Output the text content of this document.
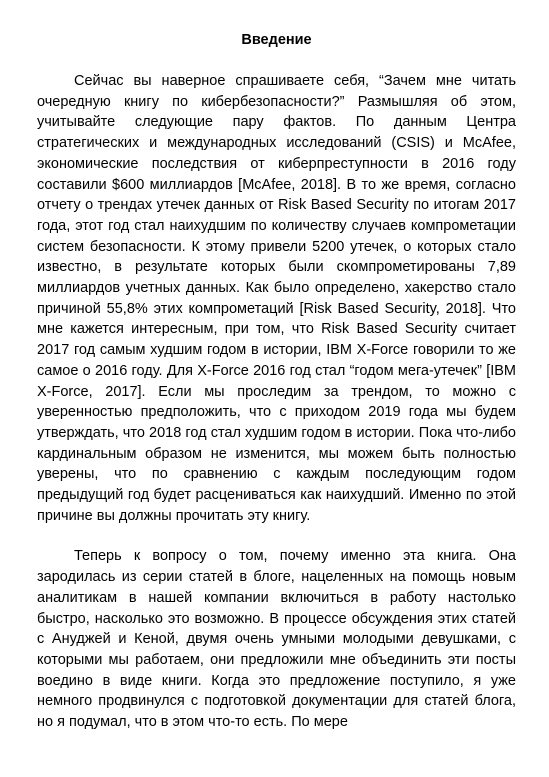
Введение

Сейчас вы наверное спрашиваете себя, “Зачем мне читать очередную книгу по кибербезопасности?” Размышляя об этом, учитывайте следующие пару фактов. По данным Центра стратегических и международных исследований (CSIS) и McAfee, экономические последствия от киберпреступности в 2016 году составили $600 миллиардов [McAfee, 2018]. В то же время, согласно отчету о трендах утечек данных от Risk Based Security по итогам 2017 года, этот год стал наихудшим по количеству случаев компрометации систем безопасности. К этому привели 5200 утечек, о которых стало известно, в результате которых были скомпрометированы 7,89 миллиардов учетных данных. Как было определено, хакерство стало причиной 55,8% этих компрометаций [Risk Based Security, 2018]. Что мне кажется интересным, при том, что Risk Based Security считает 2017 год самым худшим годом в истории, IBM X-Force говорили то же самое о 2016 году. Для X-Force 2016 год стал “годом мега-утечек” [IBM X-Force, 2017]. Если мы проследим за трендом, то можно с уверенностью предположить, что с приходом 2019 года мы будем утверждать, что 2018 год стал худшим годом в истории. Пока что-либо кардинальным образом не изменится, мы можем быть полностью уверены, что по сравнению с каждым последующим годом предыдущий год будет расцениваться как наихудший. Именно по этой причине вы должны прочитать эту книгу.

Теперь к вопросу о том, почему именно эта книга. Она зародилась из серии статей в блоге, нацеленных на помощь новым аналитикам в нашей компании включиться в работу настолько быстро, насколько это возможно. В процессе обсуждения этих статей с Ануджей и Кеной, двумя очень умными молодыми девушками, с которыми мы работаем, они предложили мне объединить эти посты воедино в виде книги. Когда это предложение поступило, я уже немного продвинулся с подготовкой документации для статей блога, но я подумал, что в этом что-то есть. По мере
